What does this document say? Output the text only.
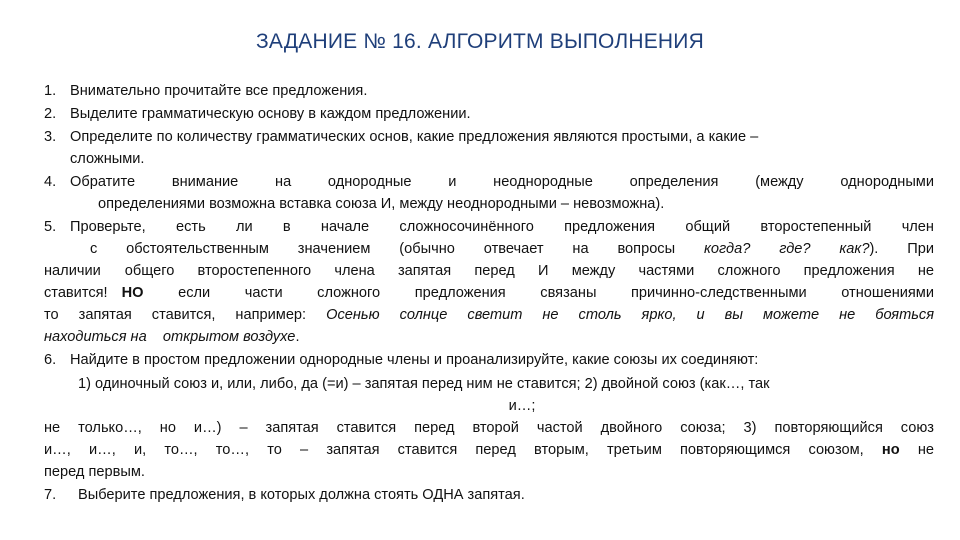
ЗАДАНИЕ № 16. АЛГОРИТМ ВЫПОЛНЕНИЯ
1. Внимательно прочитайте все предложения.
2. Выделите грамматическую основу в каждом предложении.
3. Определите по количеству грамматических основ, какие предложения являются простыми, а какие –
сложными.
4. Обратите внимание на однородные и неоднородные определения (между однородными
определениями возможна вставка союза И, между неоднородными – невозможна).
5. Проверьте, есть ли в начале сложносочинённого предложения общий второстепенный член
с обстоятельственным значением (обычно отвечает на вопросы когда? где? как?). При
наличии общего второстепенного члена запятая перед И между частями сложного предложения не
ставится! НО если части сложного предложения связаны причинно-следственными отношениями
то запятая ставится, например: Осенью солнце светит не столь ярко, и вы можете не бояться
находиться на    открытом воздухе.
6. Найдите в простом предложении однородные члены и проанализируйте, какие союзы их соединяют:
1) одиночный союз и, или, либо, да (=и) – запятая перед ним не ставится; 2) двойной союз (как…, так
и…;
не только…, но и…) – запятая ставится перед второй частой двойного союза; 3) повторяющийся союз
и…, и…, и, то…, то…, то – запятая ставится перед вторым, третьим повторяющимся союзом, но не
перед первым.
7. Выберите предложения, в которых должна стоять ОДНА запятая.
